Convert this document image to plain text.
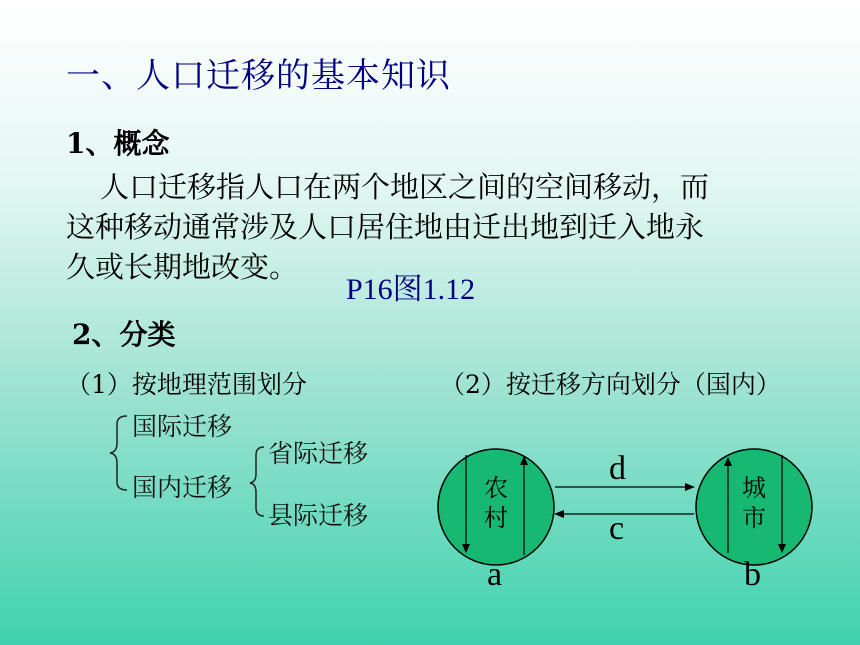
一、人口迁移的基本知识
1、概念
人口迁移指人口在两个地区之间的空间移动，而
这种移动通常涉及人口居住地由迁出地到迁入地永
久或长期地改变。
P16图1.12
2、分类
（1）按地理范围划分	（2）按迁移方向划分（国内）
国际迁移
国内迁移
省际迁移
县际迁移
农
村
城
市
d
c
a	b
